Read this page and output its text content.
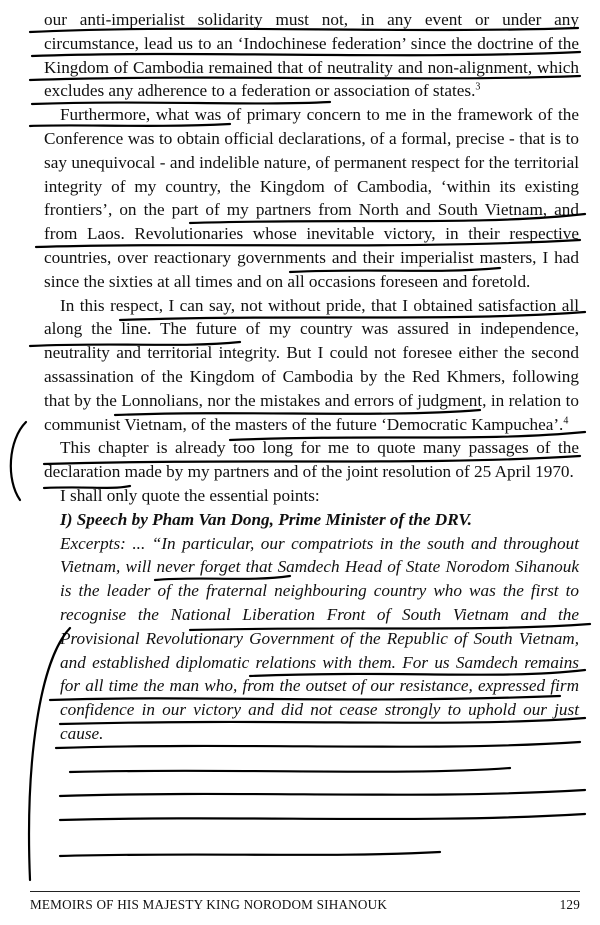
our anti-imperialist solidarity must not, in any event or under any circumstance, lead us to an ‘Indochinese federation’ since the doctrine of the Kingdom of Cambodia remained that of neutrality and non-alignment, which excludes any adherence to a federation or association of states.$^3$

Furthermore, what was of primary concern to me in the framework of the Conference was to obtain official declarations, of a formal, precise - that is to say unequivocal - and indelible nature, of permanent respect for the territorial integrity of my country, the Kingdom of Cambodia, ‘within its existing frontiers’, on the part of my partners from North and South Vietnam, and from Laos. Revolutionaries whose inevitable victory, in their respective countries, over reactionary governments and their imperialist masters, I had since the sixties at all times and on all occasions foreseen and foretold.

In this respect, I can say, not without pride, that I obtained satisfaction all along the line. The future of my country was assured in independence, neutrality and territorial integrity. But I could not foresee either the second assassination of the Kingdom of Cambodia by the Red Khmers, following that by the Lonnolians, nor the mistakes and errors of judgment, in relation to communist Vietnam, of the masters of the future ‘Democratic Kampuchea’.$^4$

This chapter is already too long for me to quote many passages of the declaration made by my partners and of the joint resolution of 25 April 1970.

I shall only quote the essential points:

I) Speech by Pham Van Dong, Prime Minister of the DRV.

Excerpts: ... “In particular, our compatriots in the south and throughout Vietnam, will never forget that Samdech Head of State Norodom Sihanouk is the leader of the fraternal neighbouring country who was the first to recognise the National Liberation Front of South Vietnam and the Provisional Revolutionary Government of the Republic of South Vietnam, and established diplomatic relations with them. For us Samdech remains for all time the man who, from the outset of our resistance, expressed firm confidence in our victory and did not cease strongly to uphold our just cause.

MEMOIRS OF HIS MAJESTY KING NORODOM SIHANOUK	129
